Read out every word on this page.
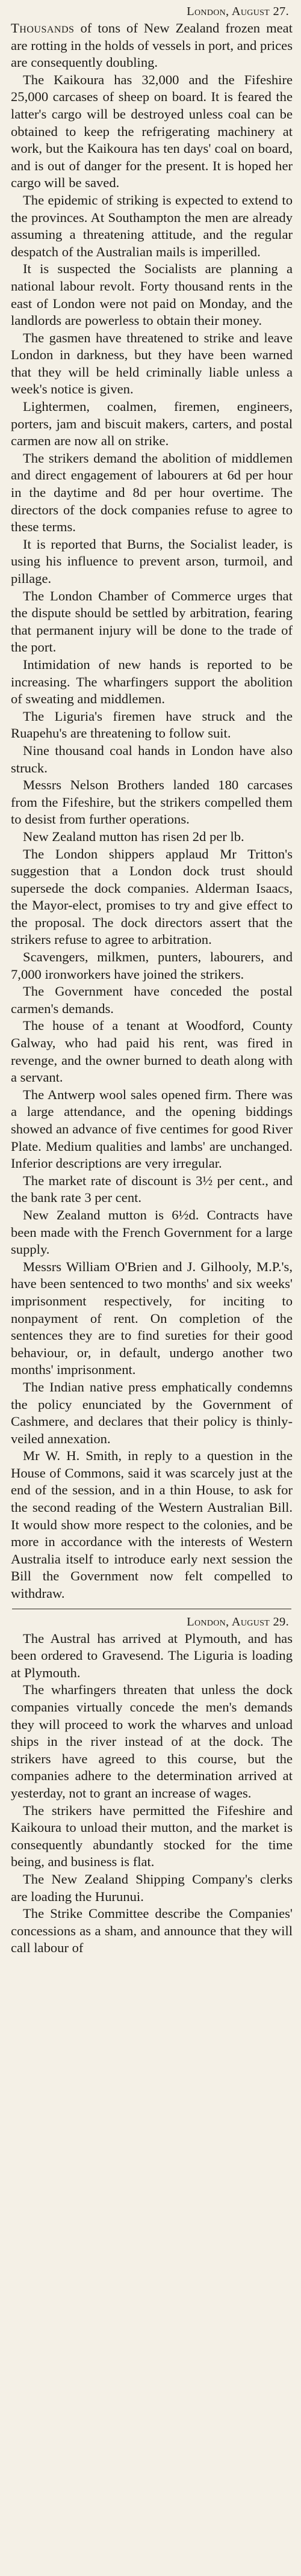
London, August 27.

Thousands of tons of New Zealand frozen meat are rotting in the holds of vessels in port, and prices are consequently doubling.

The Kaikoura has 32,000 and the Fifeshire 25,000 carcases of sheep on board. It is feared the latter's cargo will be destroyed unless coal can be obtained to keep the refrigerating machinery at work, but the Kaikoura has ten days' coal on board, and is out of danger for the present. It is hoped her cargo will be saved.

The epidemic of striking is expected to extend to the provinces. At Southampton the men are already assuming a threatening attitude, and the regular despatch of the Australian mails is imperilled.

It is suspected the Socialists are planning a national labour revolt. Forty thousand rents in the east of London were not paid on Monday, and the landlords are powerless to obtain their money.

The gasmen have threatened to strike and leave London in darkness, but they have been warned that they will be held criminally liable unless a week's notice is given.

Lightermen, coalmen, firemen, engineers, porters, jam and biscuit makers, carters, and postal carmen are now all on strike.

The strikers demand the abolition of middlemen and direct engagement of labourers at 6d per hour in the daytime and 8d per hour overtime. The directors of the dock companies refuse to agree to these terms.

It is reported that Burns, the Socialist leader, is using his influence to prevent arson, turmoil, and pillage.

The London Chamber of Commerce urges that the dispute should be settled by arbitration, fearing that permanent injury will be done to the trade of the port.

Intimidation of new hands is reported to be increasing. The wharfingers support the abolition of sweating and middlemen.

The Liguria's firemen have struck and the Ruapehu's are threatening to follow suit.

Nine thousand coal hands in London have also struck.

Messrs Nelson Brothers landed 180 carcases from the Fifeshire, but the strikers compelled them to desist from further operations.

New Zealand mutton has risen 2d per lb.

The London shippers applaud Mr Tritton's suggestion that a London dock trust should supersede the dock companies. Alderman Isaacs, the Mayor-elect, promises to try and give effect to the proposal. The dock directors assert that the strikers refuse to agree to arbitration.

Scavengers, milkmen, punters, labourers, and 7,000 ironworkers have joined the strikers.

The Government have conceded the postal carmen's demands.

The house of a tenant at Woodford, County Galway, who had paid his rent, was fired in revenge, and the owner burned to death along with a servant.

The Antwerp wool sales opened firm. There was a large attendance, and the opening biddings showed an advance of five centimes for good River Plate. Medium qualities and lambs' are unchanged. Inferior descriptions are very irregular.

The market rate of discount is 3½ per cent., and the bank rate 3 per cent.

New Zealand mutton is 6½d. Contracts have been made with the French Government for a large supply.

Messrs William O'Brien and J. Gilhooly, M.P.'s, have been sentenced to two months' and six weeks' imprisonment respectively, for inciting to nonpayment of rent. On completion of the sentences they are to find sureties for their good behaviour, or, in default, undergo another two months' imprisonment.

The Indian native press emphatically condemns the policy enunciated by the Government of Cashmere, and declares that their policy is thinly-veiled annexation.

Mr W. H. Smith, in reply to a question in the House of Commons, said it was scarcely just at the end of the session, and in a thin House, to ask for the second reading of the Western Australian Bill. It would show more respect to the colonies, and be more in accordance with the interests of Western Australia itself to introduce early next session the Bill the Government now felt compelled to withdraw.

London, August 29.

The Austral has arrived at Plymouth, and has been ordered to Gravesend. The Liguria is loading at Plymouth.

The wharfingers threaten that unless the dock companies virtually concede the men's demands they will proceed to work the wharves and unload ships in the river instead of at the dock. The strikers have agreed to this course, but the companies adhere to the determination arrived at yesterday, not to grant an increase of wages.

The strikers have permitted the Fifeshire and Kaikoura to unload their mutton, and the market is consequently abundantly stocked for the time being, and business is flat.

The New Zealand Shipping Company's clerks are loading the Hurunui.

The Strike Committee describe the Companies' concessions as a sham, and announce that they will call labour of
